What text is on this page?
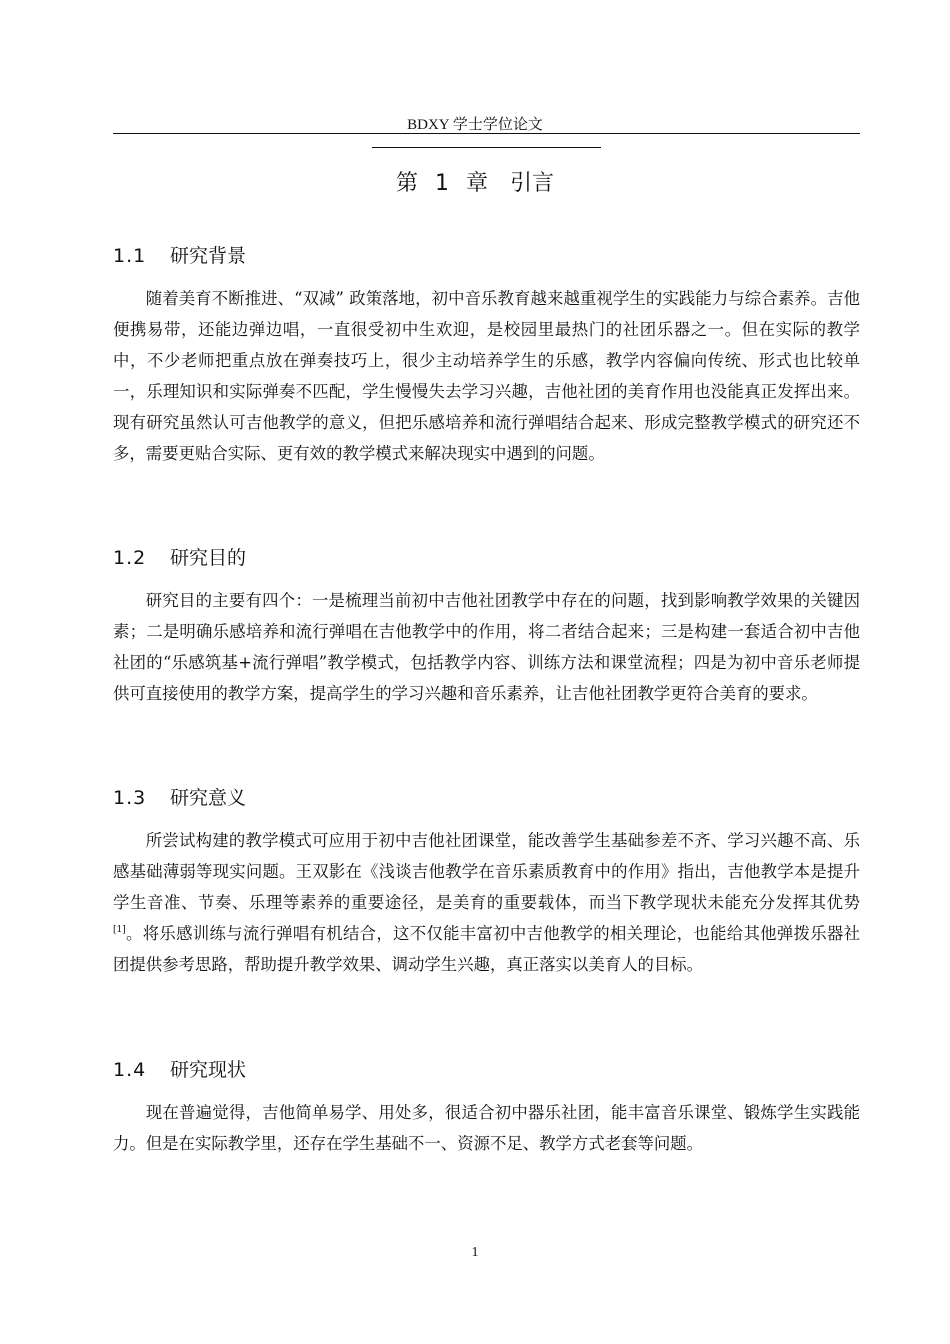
BDXY 学士学位论文
第 1 章　引言
1.1 研究背景

随着美育不断推进、“双减” 政策落地，初中音乐教育越来越重视学生的实践能力与综合素养。吉他便携易带，还能边弹边唱，一直很受初中生欢迎，是校园里最热门的社团乐器之一。但在实际的教学中，不少老师把重点放在弹奏技巧上，很少主动培养学生的乐感，教学内容偏向传统、形式也比较单一，乐理知识和实际弹奏不匹配，学生慢慢失去学习兴趣，吉他社团的美育作用也没能真正发挥出来。现有研究虽然认可吉他教学的意义，但把乐感培养和流行弹唱结合起来、形成完整教学模式的研究还不多，需要更贴合实际、更有效的教学模式来解决现实中遇到的问题。

1.2 研究目的

研究目的主要有四个：一是梳理当前初中吉他社团教学中存在的问题，找到影响教学效果的关键因素；二是明确乐感培养和流行弹唱在吉他教学中的作用，将二者结合起来；三是构建一套适合初中吉他社团的“乐感筑基+流行弹唱”教学模式，包括教学内容、训练方法和课堂流程；四是为初中音乐老师提供可直接使用的教学方案，提高学生的学习兴趣和音乐素养，让吉他社团教学更符合美育的要求。

1.3 研究意义

所尝试构建的教学模式可应用于初中吉他社团课堂，能改善学生基础参差不齐、学习兴趣不高、乐感基础薄弱等现实问题。王双影在《浅谈吉他教学在音乐素质教育中的作用》指出，吉他教学本是提升学生音准、节奏、乐理等素养的重要途径，是美育的重要载体，而当下教学现状未能充分发挥其优势[1]。将乐感训练与流行弹唱有机结合，这不仅能丰富初中吉他教学的相关理论，也能给其他弹拨乐器社团提供参考思路，帮助提升教学效果、调动学生兴趣，真正落实以美育人的目标。

1.4 研究现状

现在普遍觉得，吉他简单易学、用处多，很适合初中器乐社团，能丰富音乐课堂、锻炼学生实践能力。但是在实际教学里，还存在学生基础不一、资源不足、教学方式老套等问题。

1
